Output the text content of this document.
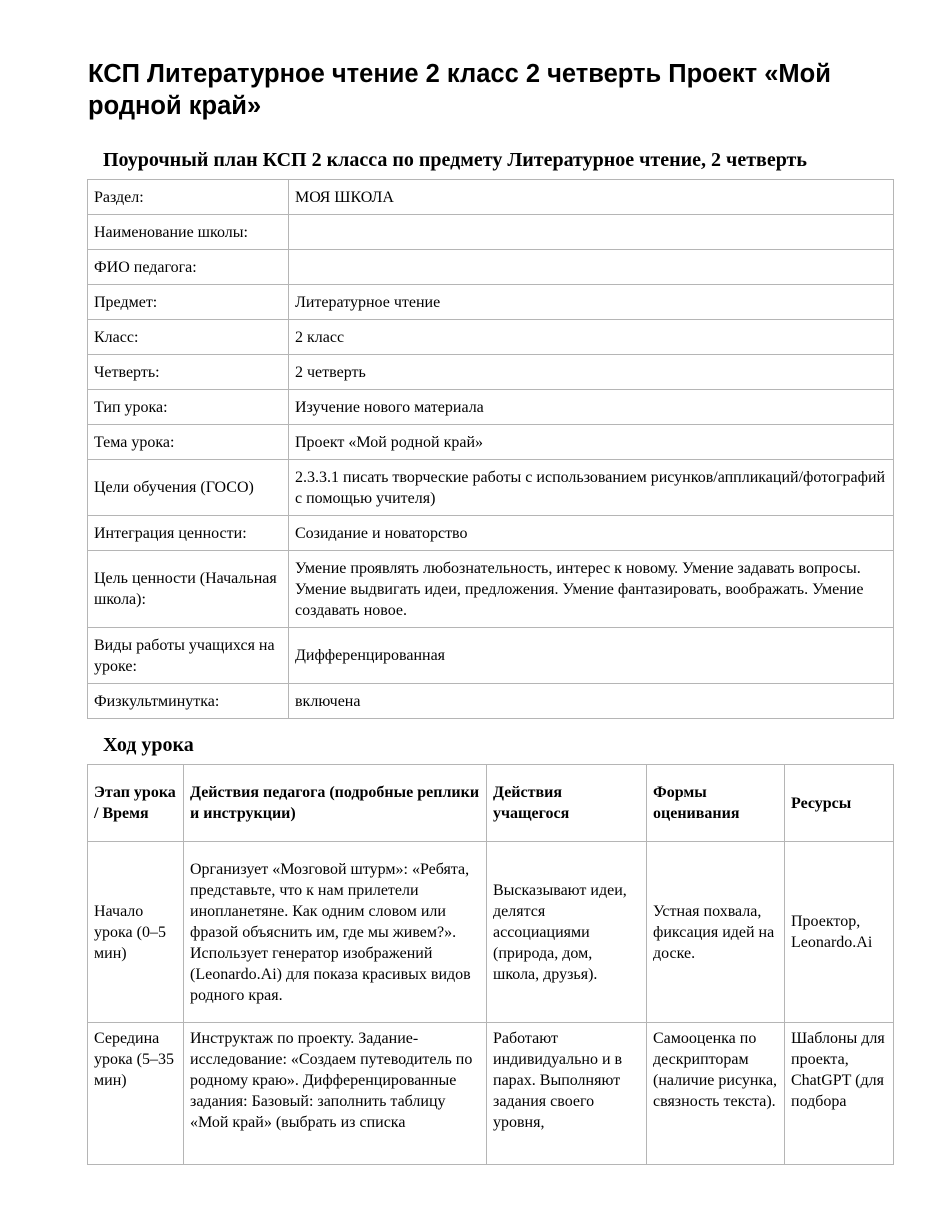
КСП Литературное чтение 2 класс 2 четверть Проект «Мой родной край»
Поурочный план КСП 2 класса по предмету Литературное чтение, 2 четверть
Раздел:	МОЯ ШКОЛА
Наименование школы:	
ФИО педагога:	
Предмет:	Литературное чтение
Класс:	2 класс
Четверть:	2 четверть
Тип урока:	Изучение нового материала
Тема урока:	Проект «Мой родной край»
Цели обучения (ГОСО)	2.3.3.1 писать творческие работы с использованием рисунков/аппликаций/фотографий с помощью учителя)
Интеграция ценности:	Созидание и новаторство
Цель ценности (Начальная школа):	Умение проявлять любознательность, интерес к новому. Умение задавать вопросы. Умение выдвигать идеи, предложения. Умение фантазировать, воображать. Умение создавать новое.
Виды работы учащихся на уроке:	Дифференцированная
Физкультминутка:	включена
Ход урока
Этап урока / Время	Действия педагога (подробные реплики и инструкции)	Действия учащегося	Формы оценивания	Ресурсы
Начало урока (0–5 мин)	Организует «Мозговой штурм»: «Ребята, представьте, что к нам прилетели инопланетяне. Как одним словом или фразой объяснить им, где мы живем?». Использует генератор изображений (Leonardo.Ai) для показа красивых видов родного края.	Высказывают идеи, делятся ассоциациями (природа, дом, школа, друзья).	Устная похвала, фиксация идей на доске.	Проектор, Leonardo.Ai
Середина урока (5–35 мин)	Инструктаж по проекту. Задание-исследование: «Создаем путеводитель по родному краю». Дифференцированные задания: Базовый: заполнить таблицу «Мой край» (выбрать из списка	Работают индивидуально и в парах. Выполняют задания своего уровня,	Самооценка по дескрипторам (наличие рисунка, связность текста).	Шаблоны для проекта, ChatGPT (для подбора
